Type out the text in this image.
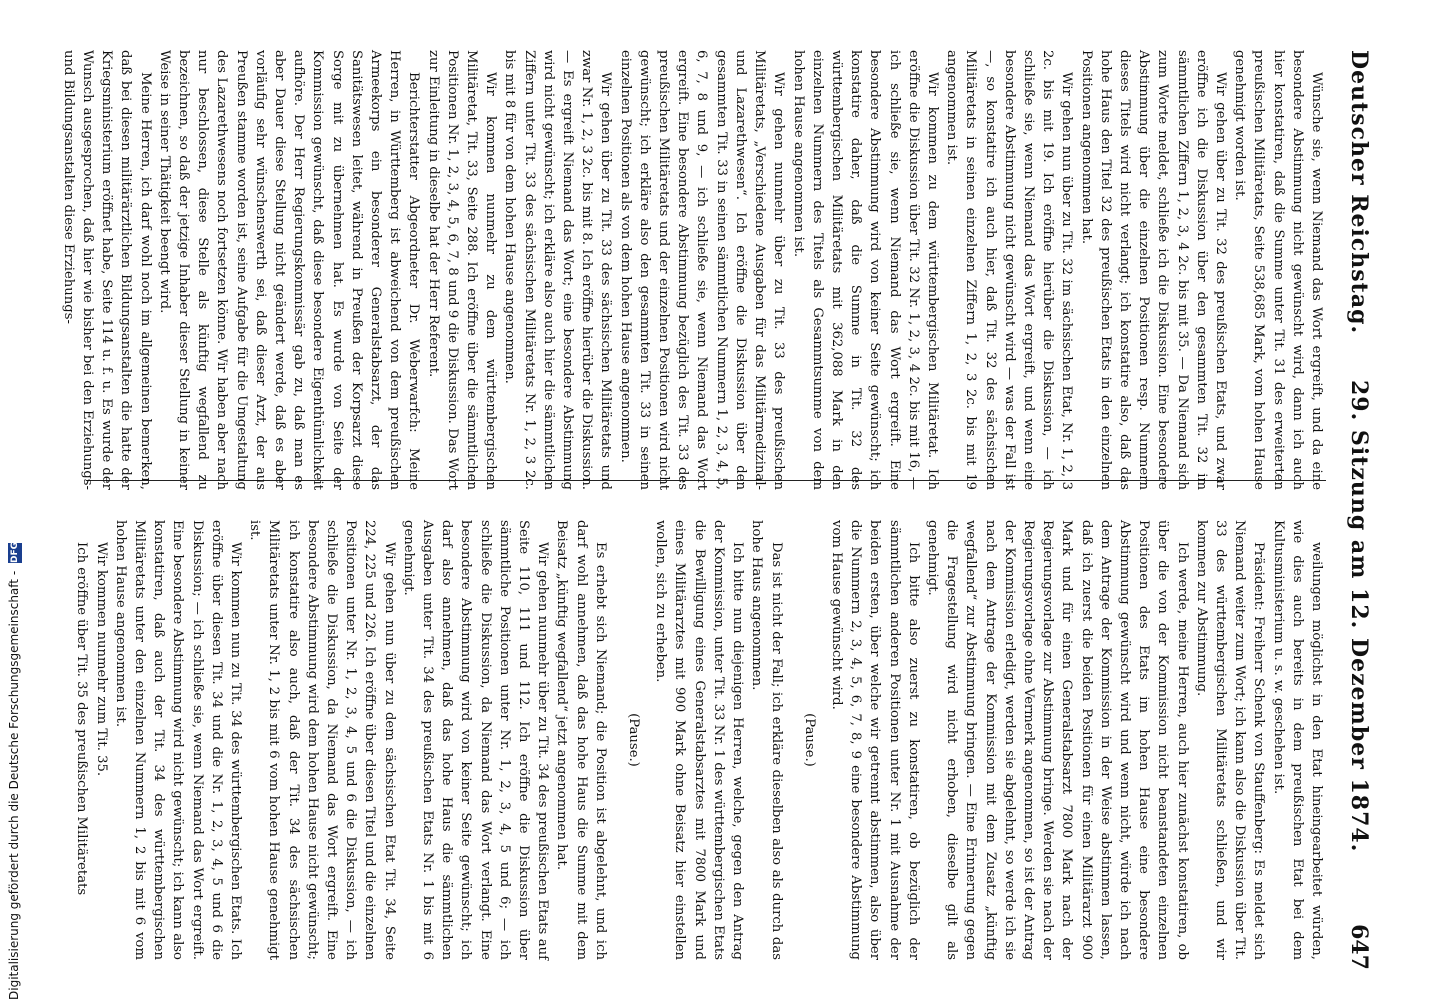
Deutscher Reichstag.
29. Sitzung am 12. Dezember 1874.
647

Wünsche sie, wenn Niemand das Wort ergreift, und da eine besondere Abstimmung nicht gewünscht wird, dann ich auch hier konstatiren, daß die Summe unter Tit. 31 des erweiterten preußischen Militäretats, Seite 538,685 Mark, vom hohen Hause genehmigt worden ist.

Wir gehen über zu Tit. 32 des preußischen Etats, und zwar eröffne ich die Diskussion über den gesammten Tit. 32 im sämmtlichen Ziffern 1, 2, 3, 4 2c. bis mit 35. — Da Niemand sich zum Worte meldet, schließe ich die Diskussion. Eine besondere Abstimmung über die einzelnen Positionen resp. Nummern dieses Titels wird nicht verlangt; ich konstatire also, daß das hohe Haus den Titel 32 des preußischen Etats in den einzelnen Positionen angenommen hat.

Wir gehen nun über zu Tit. 32 im sächsischen Etat, Nr. 1, 2, 3 2c. bis mit 19. Ich eröffne hierüber die Diskussion, — ich schließe sie, wenn Niemand das Wort ergreift, und wenn eine besondere Abstimmung nicht gewünscht wird — was der Fall ist —, so konstatire ich auch hier, daß Tit. 32 des sächsischen Militäretats in seinen einzelnen Ziffern 1, 2, 3 2c. bis mit 19 angenommen ist.

Wir kommen zu dem württembergischen Militäretat. Ich eröffne die Diskussion über Tit. 32 Nr. 1, 2, 3, 4 2c. bis mit 16, — ich schließe sie, wenn Niemand das Wort ergreift. Eine besondere Abstimmung wird von keiner Seite gewünscht; ich konstatire daher, daß die Summe in Tit. 32 des württembergischen Militäretats mit 362,088 Mark in den einzelnen Nummern des Titels als Gesammtsumme von dem hohen Hause angenommen ist.

Wir gehen nunmehr über zu Tit. 33 des preußischen Militäretats, „Verschiedene Ausgaben für das Militärmedizinal- und Lazarethwesen“. Ich eröffne die Diskussion über den gesammten Tit. 33 in seinen sämmtlichen Nummern 1, 2, 3, 4, 5, 6, 7, 8 und 9, — ich schließe sie, wenn Niemand das Wort ergreift. Eine besondere Abstimmung bezüglich des Tit. 33 des preußischen Militäretats und der einzelnen Positionen wird nicht gewünscht; ich erkläre also den gesammten Tit. 33 in seinen einzelnen Positionen als von dem hohen Hause angenommen.

Wir gehen über zu Tit. 33 des sächsischen Militäretats und zwar Nr. 1, 2, 3 2c. bis mit 8. Ich eröffne hierüber die Diskussion. — Es ergreift Niemand das Wort; eine besondere Abstimmung wird nicht gewünscht; ich erkläre also auch hier die sämmtlichen Ziffern unter Tit. 33 des sächsischen Militäretats Nr. 1, 2, 3 2c. bis mit 8 für von dem hohen Hause angenommen.

Wir kommen nunmehr zu dem württembergischen Militäretat, Tit. 33, Seite 288. Ich eröffne über die sämmtlichen Positionen Nr. 1, 2, 3, 4, 5, 6, 7, 8 und 9 die Diskussion. Das Wort zur Einleitung in dieselbe hat der Herr Referent.

Berichterstatter Abgeordneter Dr. Weberwarfch: Meine Herren, in Württemberg ist abweichend von dem preußischen Armeekorps ein besonderer Generalstabsarzt, der das Sanitätswesen leitet, während in Preußen der Korpsarzt diese Sorge mit zu übernehmen hat. Es wurde von Seite der Kommission gewünscht, daß diese besondere Eigenthümlichkeit aufhöre. Der Herr Regierungskommissär gab zu, daß man es aber Dauer diese Stellung nicht geändert werde, daß es aber vorläufig sehr wünschenswerth sei, daß dieser Arzt, der aus Preußen stamme worden ist, seine Aufgabe für die Umgestaltung des Lazarethwesens noch fortsetzen könne. Wir haben aber nach nur beschlossen, diese Stelle als künftig wegfallend zu bezeichnen, so daß der jetzige Inhaber dieser Stellung in keiner Weise in seiner Thätigkeit beengt wird.

Meine Herren, ich darf wohl noch im allgemeinen bemerken, daß bei diesen militärärztlichen Bildungsanstalten die hatte der Kriegsministerium eröffnet habe, Seite 114 u. f. u. Es wurde der Wunsch ausgesprochen, daß hier wie bisher bei den Erziehungs- und Bildungsanstalten diese Erziehungs-

weilungen möglichst in den Etat hineingearbeitet würden, wie dies auch bereits in dem preußischen Etat bei dem Kultusministerium u. s. w. geschehen ist.

Präsident: Freiherr Schenk von Stauffenberg: Es meldet sich Niemand weiter zum Wort; ich kann also die Diskussion über Tit. 33 des württembergischen Militäretats schließen, und wir kommen zur Abstimmung.

Ich werde, meine Herren, auch hier zunächst konstatiren, ob über die von der Kommission nicht beanstandeten einzelnen Positionen des Etats im hohen Hause eine besondere Abstimmung gewünscht wird und wenn nicht, würde ich nach dem Antrage der Kommission in der Weise abstimmen lassen, daß ich zuerst die beiden Positionen für einen Militärarzt 900 Mark und für einen Generalstabsarzt 7800 Mark nach der Regierungsvorlage zur Abstimmung bringe. Werden sie nach der Regierungsvorlage ohne Vermerk angenommen, so ist der Antrag der Kommission erledigt, werden sie abgelehnt, so werde ich sie nach dem Antrage der Kommission mit dem Zusatz „künftig wegfallend“ zur Abstimmung bringen. — Eine Erinnerung gegen die Fragestellung wird nicht erhoben, dieselbe gilt als genehmigt.

Ich bitte also zuerst zu konstatiren, ob bezüglich der sämmtlichen anderen Positionen unter Nr. 1 mit Ausnahme der beiden ersten, über welche wir getrennt abstimmen, also über die Nummern 2, 3, 4, 5, 6, 7, 8, 9 eine besondere Abstimmung vom Hause gewünscht wird.

(Pause.)

Das ist nicht der Fall; ich erkläre dieselben also als durch das hohe Haus angenommen.

Ich bitte nun diejenigen Herren, welche, gegen den Antrag der Kommission, unter Tit. 33 Nr. 1 des württembergischen Etats die Bewilligung eines Generalstabsarztes mit 7800 Mark und eines Militärarztes mit 900 Mark ohne Beisatz hier einstellen wollen, sich zu erheben.

(Pause.)

Es erhebt sich Niemand; die Position ist abgelehnt, und ich darf wohl annehmen, daß das hohe Haus die Summe mit dem Beisatz „künftig wegfallend“ jetzt angenommen hat.

Wir gehen nunmehr über zu Tit. 34 des preußischen Etats auf Seite 110, 111 und 112. Ich eröffne die Diskussion über sämmtliche Positionen unter Nr. 1, 2, 3, 4, 5 und 6; — ich schließe die Diskussion, da Niemand das Wort verlangt. Eine besondere Abstimmung wird von keiner Seite gewünscht; ich darf also annehmen, daß das hohe Haus die sämmtlichen Ausgaben unter Tit. 34 des preußischen Etats Nr. 1 bis mit 6 genehmigt.

Wir gehen nun über zu dem sächsischen Etat Tit. 34, Seite 224, 225 und 226. Ich eröffne über diesen Titel und die einzelnen Positionen unter Nr. 1, 2, 3, 4, 5 und 6 die Diskussion, — ich schließe die Diskussion, da Niemand das Wort ergreift. Eine besondere Abstimmung wird dem hohen Hause nicht gewünscht; ich konstatire also auch, daß der Tit. 34 des sächsischen Militäretats unter Nr. 1, 2 bis mit 6 vom hohen Hause genehmigt ist.

Wir kommen nun zu Tit. 34 des württembergischen Etats. Ich eröffne über diesen Tit. 34 und die Nr. 1, 2, 3, 4, 5 und 6 die Diskussion; — ich schließe sie, wenn Niemand das Wort ergreift. Eine besondere Abstimmung wird nicht gewünscht; ich kann also konstatiren, daß auch der Tit. 34 des württembergischen Militäretats unter den einzelnen Nummern 1, 2 bis mit 6 vom hohen Hause angenommen ist.

Wir kommen nunmehr zum Tit. 35.

Ich eröffne über Tit. 35 des preußischen Militäretats

Digitalisierung gefördert durch die Deutsche Forschungsgemeinschaft - DFG
